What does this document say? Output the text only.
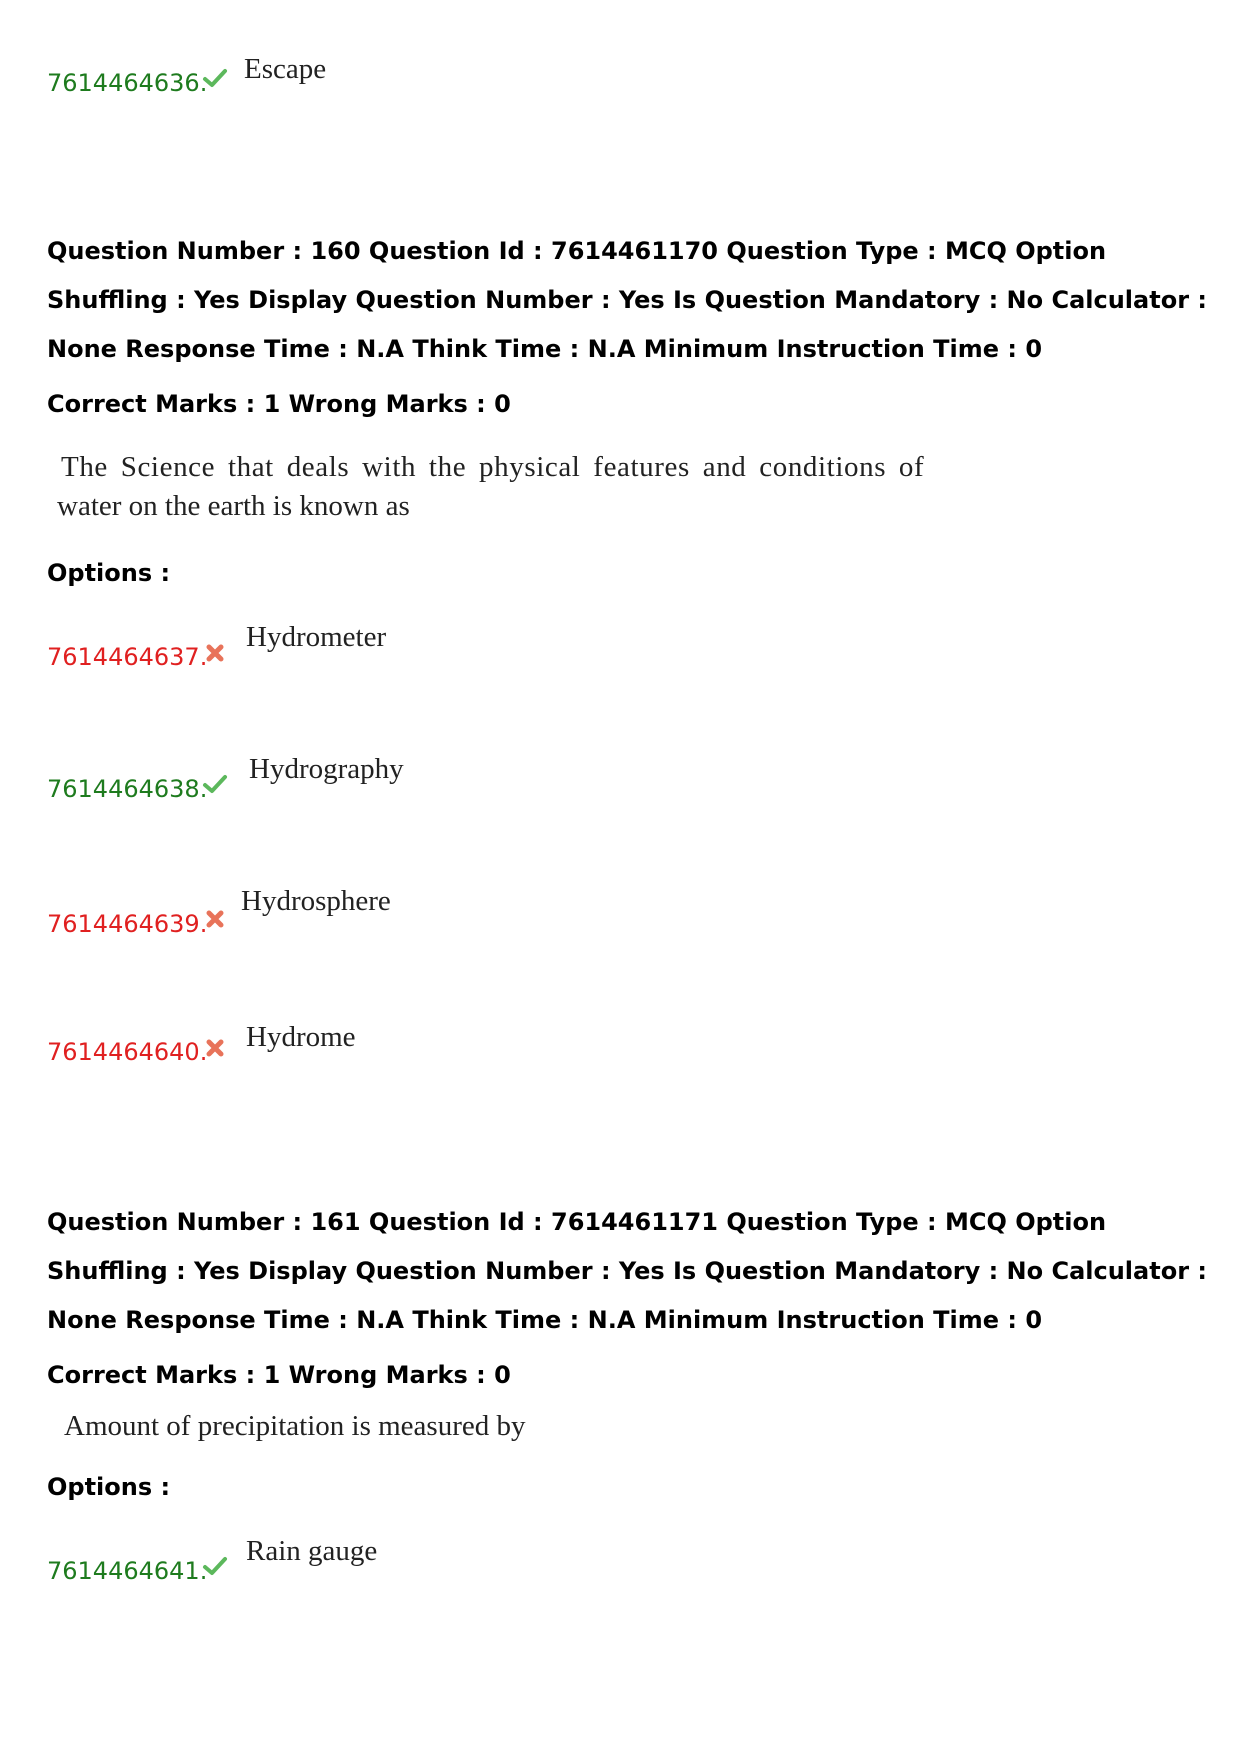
7614464636. Escape
Question Number : 160 Question Id : 7614461170 Question Type : MCQ Option Shuffling : Yes Display Question Number : Yes Is Question Mandatory : No Calculator : None Response Time : N.A Think Time : N.A Minimum Instruction Time : 0
Correct Marks : 1 Wrong Marks : 0
The Science that deals with the physical features and conditions of
water on the earth is known as
Options :
7614464637.
Hydrometer
7614464638.
Hydrography
7614464639.
Hydrosphere
7614464640. Hydrome
Question Number : 161 Question Id : 7614461171 Question Type : MCQ Option Shuffling : Yes Display Question Number : Yes Is Question Mandatory : No Calculator : None Response Time : N.A Think Time : N.A Minimum Instruction Time : 0
Correct Marks : 1 Wrong Marks : 0
Amount of precipitation is measured by
Options :
7614464641.
Rain gauge
